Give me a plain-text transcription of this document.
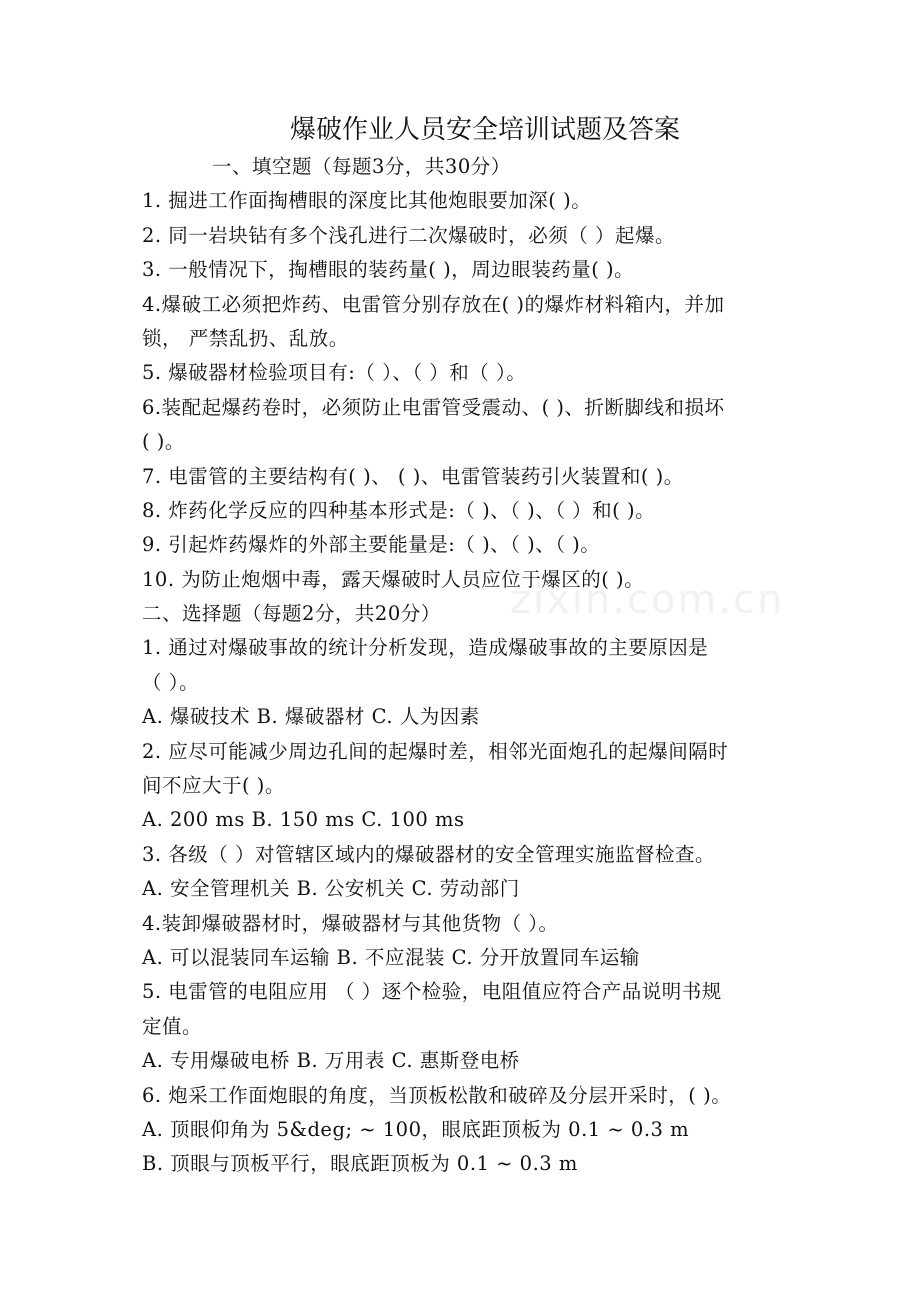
爆破作业人员安全培训试题及答案
zixin.com.cn
一、填空题（每题3分，共30分）
1. 掘进工作面掏槽眼的深度比其他炮眼要加深( )。
2. 同一岩块钻有多个浅孔进行二次爆破时，必须（ ）起爆。
3. 一般情况下，掏槽眼的装药量( )，周边眼装药量( )。
4.爆破工必须把炸药、电雷管分别存放在( )的爆炸材料箱内，并加
锁， 严禁乱扔、乱放。
5. 爆破器材检验项目有:（ ）、（ ）和（ ）。
6.装配起爆药卷时，必须防止电雷管受震动、( )、折断脚线和损坏
( )。
7. 电雷管的主要结构有( )、 ( )、电雷管装药引火装置和( )。
8. 炸药化学反应的四种基本形式是:（ )、（ )、（ ）和( )。
9. 引起炸药爆炸的外部主要能量是:（ )、（ )、（ )。
10. 为防止炮烟中毒，露天爆破时人员应位于爆区的( )。
二、选择题（每题2分，共20分）
1. 通过对爆破事故的统计分析发现，造成爆破事故的主要原因是
（ ）。
A. 爆破技术 B. 爆破器材 C. 人为因素
2. 应尽可能减少周边孔间的起爆时差，相邻光面炮孔的起爆间隔时
间不应大于( )。
A. 200 ms B. 150 ms C. 100 ms
3. 各级（ ）对管辖区域内的爆破器材的安全管理实施监督检查。
A. 安全管理机关 B. 公安机关 C. 劳动部门
4.装卸爆破器材时，爆破器材与其他货物（ ）。
A. 可以混装同车运输 B. 不应混装 C. 分开放置同车运输
5. 电雷管的电阻应用 （ ）逐个检验，电阻值应符合产品说明书规
定值。
A. 专用爆破电桥 B. 万用表 C. 惠斯登电桥
6. 炮采工作面炮眼的角度，当顶板松散和破碎及分层开采时，( )。
A. 顶眼仰角为 5&deg; ~ 100，眼底距顶板为 0.1 ~ 0.3 m
B. 顶眼与顶板平行，眼底距顶板为 0.1 ~ 0.3 m
